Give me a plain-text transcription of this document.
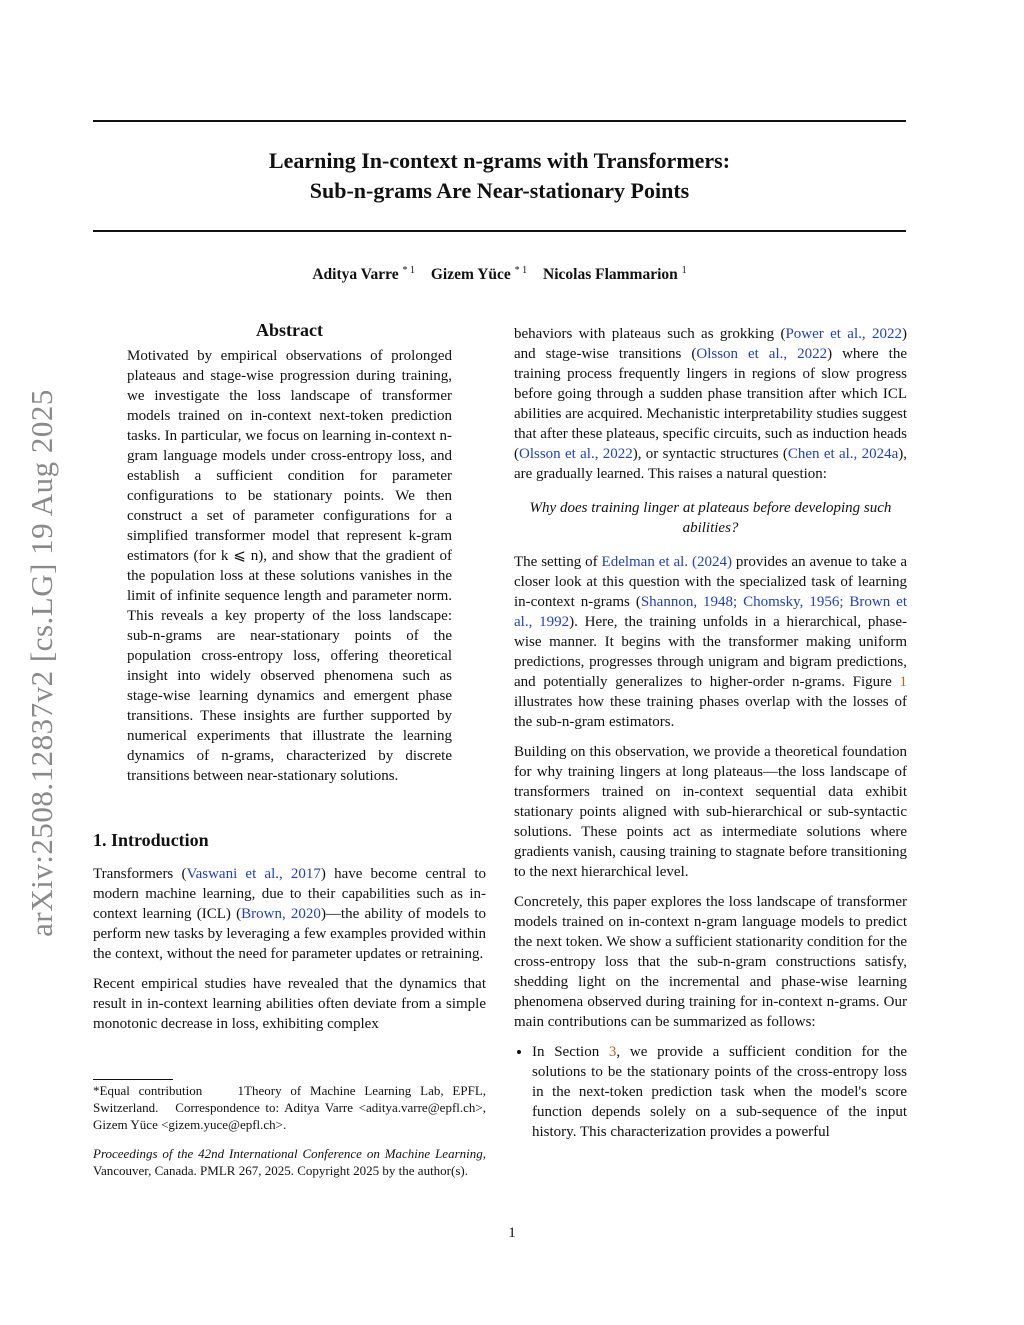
Learning In-context n-grams with Transformers:
Sub-n-grams Are Near-stationary Points
Aditya Varre $^{* 1}$ Gizem Yüce $^{* 1}$ Nicolas Flammarion $^1$
arXiv:2508.12837v2 [cs.LG] 19 Aug 2025
Abstract
Motivated by empirical observations of prolonged plateaus and stage-wise progression during training, we investigate the loss landscape of transformer models trained on in-context next-token prediction tasks. In particular, we focus on learning in-context n-gram language models under cross-entropy loss, and establish a sufficient condition for parameter configurations to be stationary points. We then construct a set of parameter configurations for a simplified transformer model that represent k-gram estimators (for k ⩽ n), and show that the gradient of the population loss at these solutions vanishes in the limit of infinite sequence length and parameter norm. This reveals a key property of the loss landscape: sub-n-grams are near-stationary points of the population cross-entropy loss, offering theoretical insight into widely observed phenomena such as stage-wise learning dynamics and emergent phase transitions. These insights are further supported by numerical experiments that illustrate the learning dynamics of n-grams, characterized by discrete transitions between near-stationary solutions.
1. Introduction

Transformers (Vaswani et al., 2017) have become central to modern machine learning, due to their capabilities such as in-context learning (ICL) (Brown, 2020)—the ability of models to perform new tasks by leveraging a few examples provided within the context, without the need for parameter updates or retraining.

Recent empirical studies have revealed that the dynamics that result in in-context learning abilities often deviate from a simple monotonic decrease in loss, exhibiting complex

behaviors with plateaus such as grokking (Power et al., 2022) and stage-wise transitions (Olsson et al., 2022) where the training process frequently lingers in regions of slow progress before going through a sudden phase transition after which ICL abilities are acquired. Mechanistic interpretability studies suggest that after these plateaus, specific circuits, such as induction heads (Olsson et al., 2022), or syntactic structures (Chen et al., 2024a), are gradually learned. This raises a natural question:

Why does training linger at plateaus before developing such abilities?

The setting of Edelman et al. (2024) provides an avenue to take a closer look at this question with the specialized task of learning in-context n-grams (Shannon, 1948; Chomsky, 1956; Brown et al., 1992). Here, the training unfolds in a hierarchical, phase-wise manner. It begins with the transformer making uniform predictions, progresses through unigram and bigram predictions, and potentially generalizes to higher-order n-grams. Figure 1 illustrates how these training phases overlap with the losses of the sub-n-gram estimators.

Building on this observation, we provide a theoretical foundation for why training lingers at long plateaus—the loss landscape of transformers trained on in-context sequential data exhibit stationary points aligned with sub-hierarchical or sub-syntactic solutions. These points act as intermediate solutions where gradients vanish, causing training to stagnate before transitioning to the next hierarchical level.

Concretely, this paper explores the loss landscape of transformer models trained on in-context n-gram language models to predict the next token. We show a sufficient stationarity condition for the cross-entropy loss that the sub-n-gram constructions satisfy, shedding light on the incremental and phase-wise learning phenomena observed during training for in-context n-grams. Our main contributions can be summarized as follows:

• In Section 3, we provide a sufficient condition for the solutions to be the stationary points of the cross-entropy loss in the next-token prediction task when the model's score function depends solely on a sub-sequence of the input history. This characterization provides a powerful
*Equal contribution	1Theory of Machine Learning Lab, EPFL, Switzerland. Correspondence to: Aditya Varre <aditya.varre@epfl.ch>, Gizem Yüce <gizem.yuce@epfl.ch>.
Proceedings of the 42nd International Conference on Machine Learning, Vancouver, Canada. PMLR 267, 2025. Copyright 2025 by the author(s).
1
